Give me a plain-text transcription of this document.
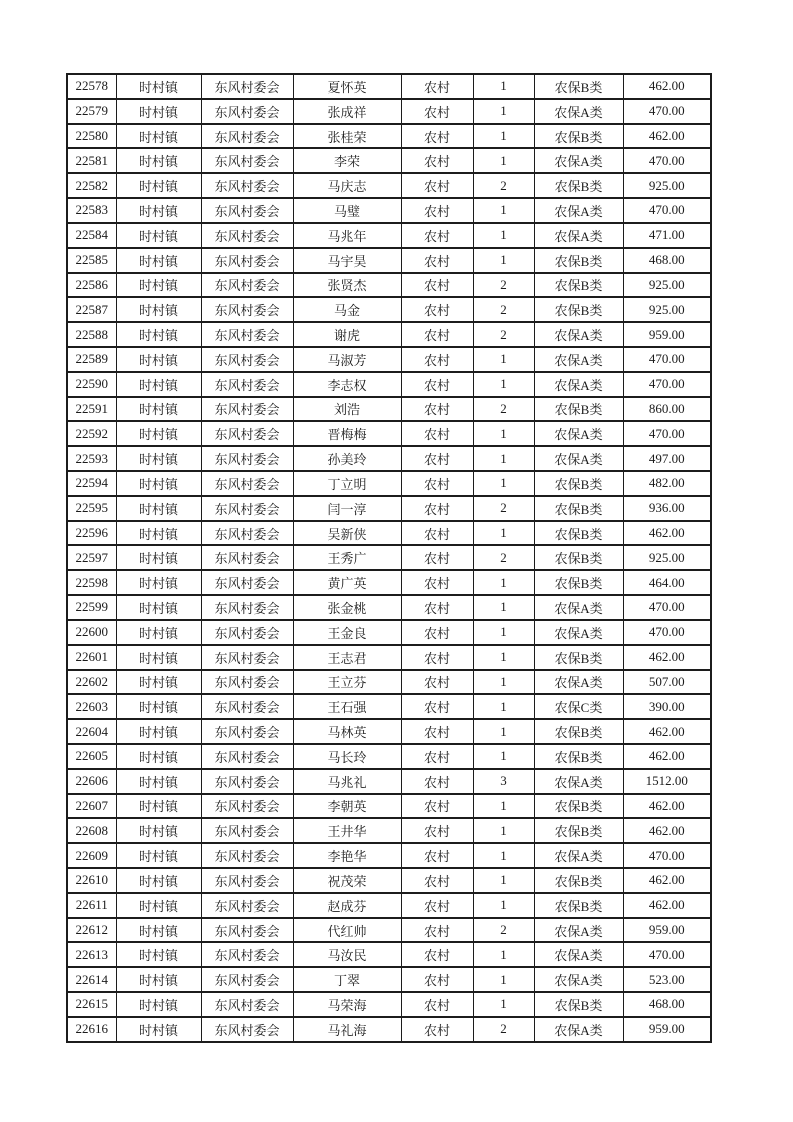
22578	时村镇	东风村委会	夏怀英	农村	1	农保B类	462.00
22579	时村镇	东风村委会	张成祥	农村	1	农保A类	470.00
22580	时村镇	东风村委会	张桂荣	农村	1	农保B类	462.00
22581	时村镇	东风村委会	李荣	农村	1	农保A类	470.00
22582	时村镇	东风村委会	马庆志	农村	2	农保B类	925.00
22583	时村镇	东风村委会	马璧	农村	1	农保A类	470.00
22584	时村镇	东风村委会	马兆年	农村	1	农保A类	471.00
22585	时村镇	东风村委会	马宇昊	农村	1	农保B类	468.00
22586	时村镇	东风村委会	张贤杰	农村	2	农保B类	925.00
22587	时村镇	东风村委会	马金	农村	2	农保B类	925.00
22588	时村镇	东风村委会	谢虎	农村	2	农保A类	959.00
22589	时村镇	东风村委会	马淑芳	农村	1	农保A类	470.00
22590	时村镇	东风村委会	李志权	农村	1	农保A类	470.00
22591	时村镇	东风村委会	刘浩	农村	2	农保B类	860.00
22592	时村镇	东风村委会	晋梅梅	农村	1	农保A类	470.00
22593	时村镇	东风村委会	孙美玲	农村	1	农保A类	497.00
22594	时村镇	东风村委会	丁立明	农村	1	农保B类	482.00
22595	时村镇	东风村委会	闫一淳	农村	2	农保B类	936.00
22596	时村镇	东风村委会	吴新侠	农村	1	农保B类	462.00
22597	时村镇	东风村委会	王秀广	农村	2	农保B类	925.00
22598	时村镇	东风村委会	黄广英	农村	1	农保B类	464.00
22599	时村镇	东风村委会	张金桃	农村	1	农保A类	470.00
22600	时村镇	东风村委会	王金良	农村	1	农保A类	470.00
22601	时村镇	东风村委会	王志君	农村	1	农保B类	462.00
22602	时村镇	东风村委会	王立芬	农村	1	农保A类	507.00
22603	时村镇	东风村委会	王石强	农村	1	农保C类	390.00
22604	时村镇	东风村委会	马林英	农村	1	农保B类	462.00
22605	时村镇	东风村委会	马长玲	农村	1	农保B类	462.00
22606	时村镇	东风村委会	马兆礼	农村	3	农保A类	1512.00
22607	时村镇	东风村委会	李朝英	农村	1	农保B类	462.00
22608	时村镇	东风村委会	王井华	农村	1	农保B类	462.00
22609	时村镇	东风村委会	李艳华	农村	1	农保A类	470.00
22610	时村镇	东风村委会	祝茂荣	农村	1	农保B类	462.00
22611	时村镇	东风村委会	赵成芬	农村	1	农保B类	462.00
22612	时村镇	东风村委会	代红帅	农村	2	农保A类	959.00
22613	时村镇	东风村委会	马汝民	农村	1	农保A类	470.00
22614	时村镇	东风村委会	丁翠	农村	1	农保A类	523.00
22615	时村镇	东风村委会	马荣海	农村	1	农保B类	468.00
22616	时村镇	东风村委会	马礼海	农村	2	农保A类	959.00
